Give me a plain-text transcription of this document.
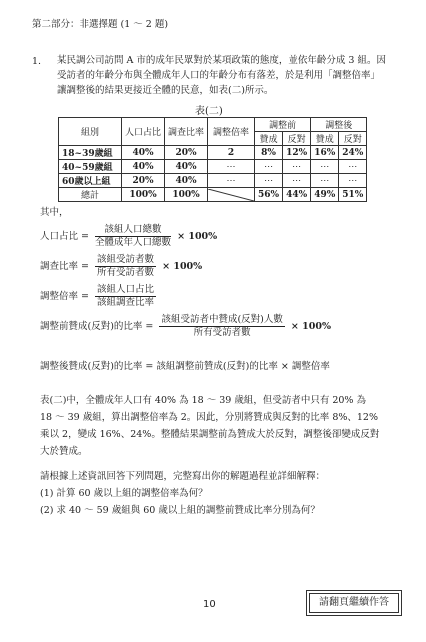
第二部分：非選擇題 (1 ～ 2 題)
1. 某民調公司訪問 A 市的成年民眾對於某項政策的態度，並依年齡分成 3 組。因
受訪者的年齡分布與全體成年人口的年齡分布有落差，於是利用「調整倍率」
讓調整後的結果更接近全體的民意，如表(二)所示。
表(二)
組別	人口占比	調查比率	調整倍率	調整前		調整後	
				贊成	反對	贊成	反對
18~39歲組	40%	20%	2	8%	12%	16%	24%
40~59歲組	40%	40%	⋯	⋯	⋯	⋯	⋯
60歲以上組	20%	40%	⋯	⋯	⋯	⋯	⋯
總計	100%	100%		56%	44%	49%	51%
其中，
人口占比 = $\frac{\text{該組人口總數}}{\text{全體成年人口總數}} \times 100\%$
調查比率 = $\frac{\text{該組受訪者數}}{\text{所有受訪者數}} \times 100\%$
調整倍率 = $\frac{\text{該組人口占比}}{\text{該組調查比率}}$
調整前贊成(反對)的比率 = $\frac{\text{該組受訪者中贊成(反對)人數}}{\text{所有受訪者數}} \times 100\%$
調整後贊成(反對)的比率 = 該組調整前贊成(反對)的比率 × 調整倍率
表(二)中，全體成年人口有 40% 為 18 ～ 39 歲組，但受訪者中只有 20% 為
18 ～ 39 歲組，算出調整倍率為 2。因此，分別將贊成與反對的比率 8%、12%
乘以 2，變成 16%、24%。整體結果調整前為贊成大於反對，調整後卻變成反對
大於贊成。
請根據上述資訊回答下列問題，完整寫出你的解題過程並詳細解釋：
(1) 計算 60 歲以上組的調整倍率為何？
(2) 求 40 ～ 59 歲組與 60 歲以上組的調整前贊成比率分別為何？
10	請翻頁繼續作答
